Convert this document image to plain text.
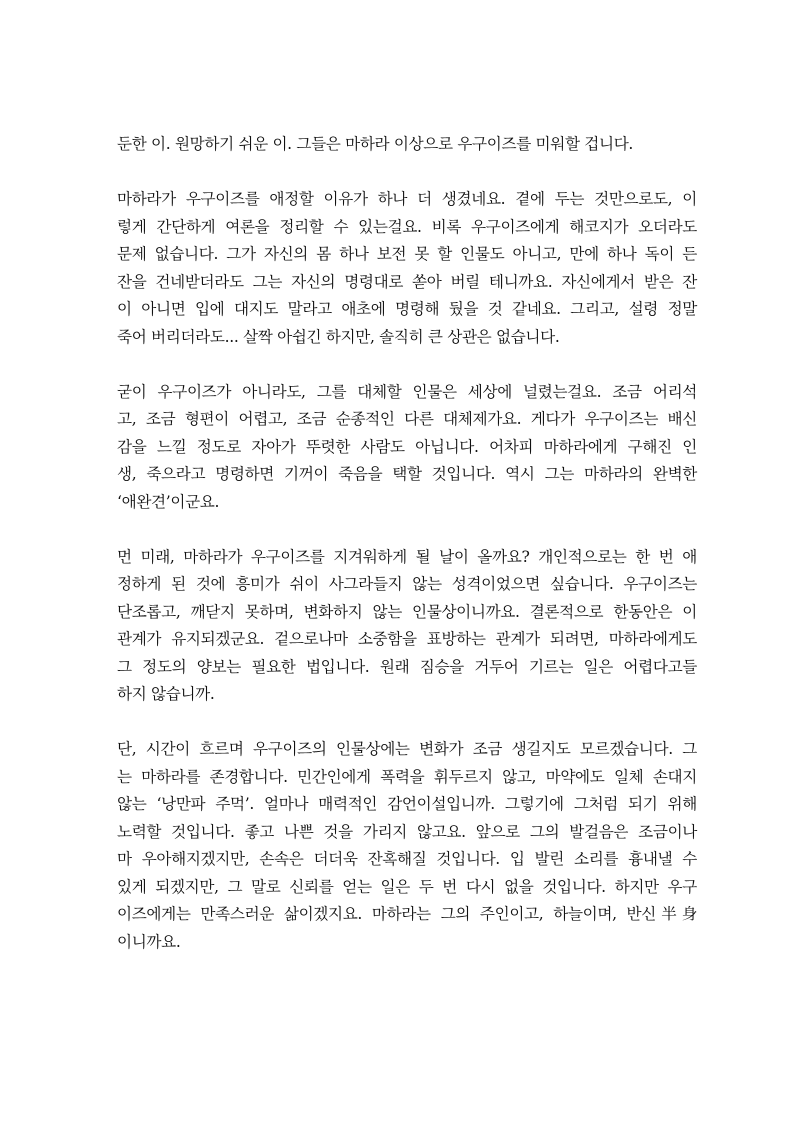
둔한 이. 원망하기 쉬운 이. 그들은 마하라 이상으로 우구이즈를 미워할 겁니다.
마하라가 우구이즈를 애정할 이유가 하나 더 생겼네요. 곁에 두는 것만으로도, 이
렇게 간단하게 여론을 정리할 수 있는걸요. 비록 우구이즈에게 해코지가 오더라도
문제 없습니다. 그가 자신의 몸 하나 보전 못 할 인물도 아니고, 만에 하나 독이 든
잔을 건네받더라도 그는 자신의 명령대로 쏟아 버릴 테니까요. 자신에게서 받은 잔
이 아니면 입에 대지도 말라고 애초에 명령해 뒀을 것 같네요. 그리고, 설령 정말
죽어 버리더라도... 살짝 아쉽긴 하지만, 솔직히 큰 상관은 없습니다.
굳이 우구이즈가 아니라도, 그를 대체할 인물은 세상에 널렸는걸요. 조금 어리석
고, 조금 형편이 어렵고, 조금 순종적인 다른 대체제가요. 게다가 우구이즈는 배신
감을 느낄 정도로 자아가 뚜렷한 사람도 아닙니다. 어차피 마하라에게 구해진 인
생, 죽으라고 명령하면 기꺼이 죽음을 택할 것입니다. 역시 그는 마하라의 완벽한
‘애완견’이군요.
먼 미래, 마하라가 우구이즈를 지겨워하게 될 날이 올까요? 개인적으로는 한 번 애
정하게 된 것에 흥미가 쉬이 사그라들지 않는 성격이었으면 싶습니다. 우구이즈는
단조롭고, 깨닫지 못하며, 변화하지 않는 인물상이니까요. 결론적으로 한동안은 이
관계가 유지되겠군요. 겉으로나마 소중함을 표방하는 관계가 되려면, 마하라에게도
그 정도의 양보는 필요한 법입니다. 원래 짐승을 거두어 기르는 일은 어렵다고들
하지 않습니까.
단, 시간이 흐르며 우구이즈의 인물상에는 변화가 조금 생길지도 모르겠습니다. 그
는 마하라를 존경합니다. 민간인에게 폭력을 휘두르지 않고, 마약에도 일체 손대지
않는 ‘낭만파 주먹’. 얼마나 매력적인 감언이설입니까. 그렇기에 그처럼 되기 위해
노력할 것입니다. 좋고 나쁜 것을 가리지 않고요. 앞으로 그의 발걸음은 조금이나
마 우아해지겠지만, 손속은 더더욱 잔혹해질 것입니다. 입 발린 소리를 흉내낼 수
있게 되겠지만, 그 말로 신뢰를 얻는 일은 두 번 다시 없을 것입니다. 하지만 우구
이즈에게는 만족스러운 삶이겠지요. 마하라는 그의 주인이고, 하늘이며, 반신半身
이니까요.
